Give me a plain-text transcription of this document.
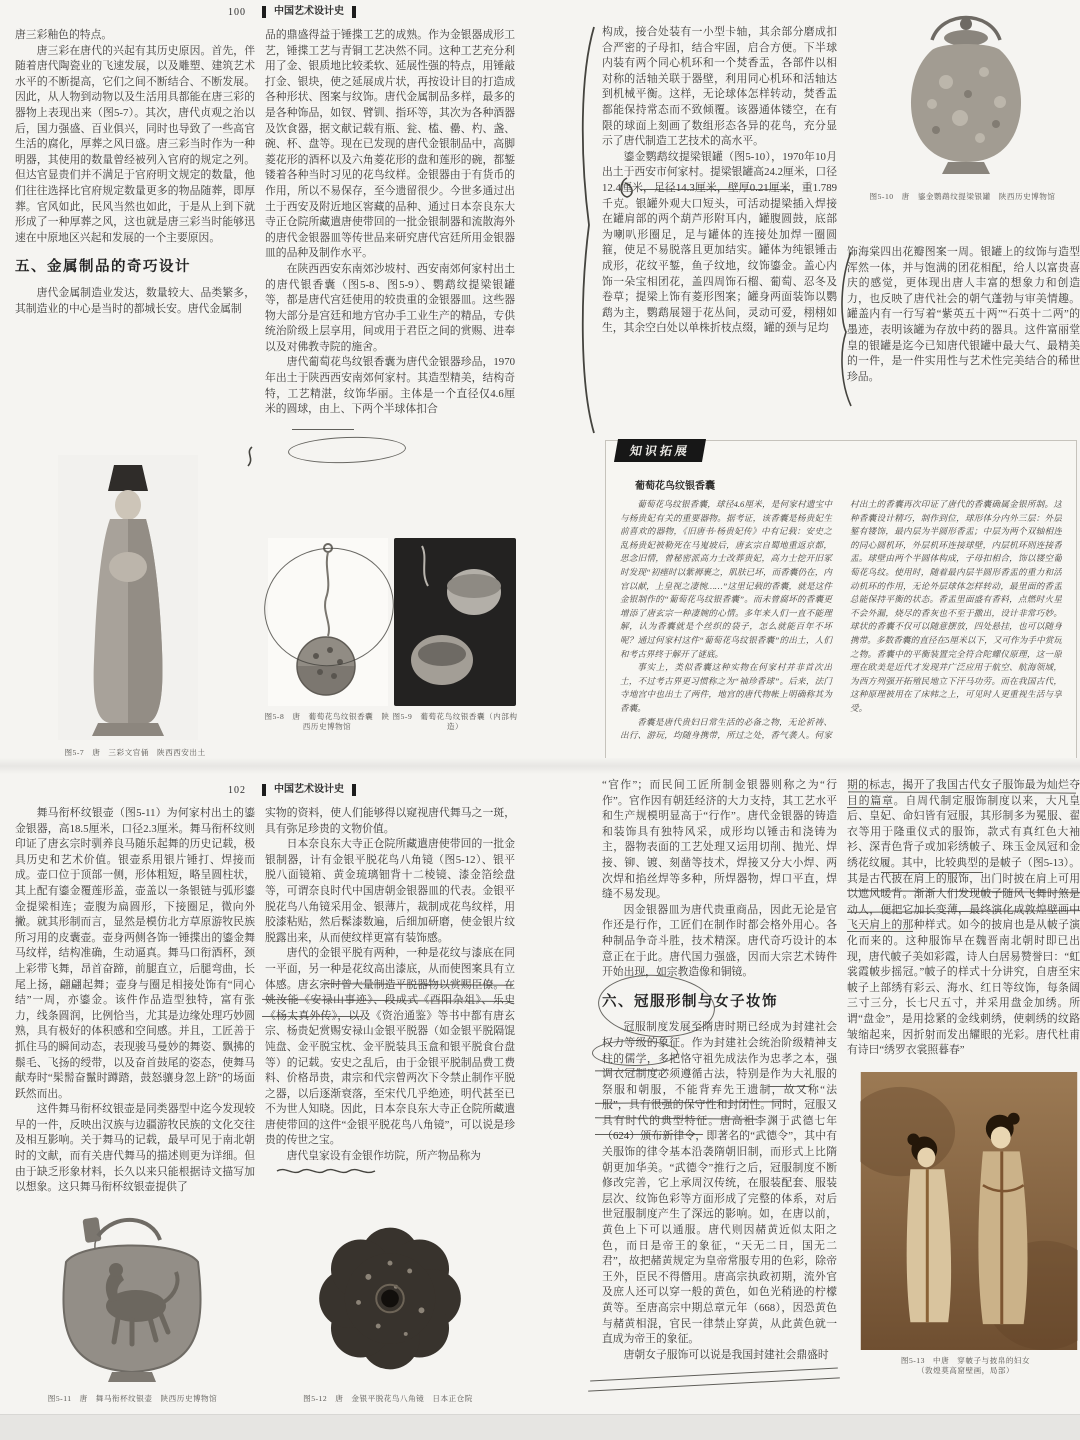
100	中国艺术设计史

唐三彩釉色的特点。

唐三彩在唐代的兴起有其历史原因。首先，伴随着唐代陶瓷业的飞速发展，以及雕塑、建筑艺术水平的不断提高，它们之间不断结合、不断发展。因此，从人物到动物以及生活用具都能在唐三彩的器物上表现出来（图5-7）。其次，唐代贞观之治以后，国力强盛、百业俱兴，同时也导致了一些高官生活的腐化，厚葬之风日盛。唐三彩当时作为一种明器，其使用的数量曾经被列入官府的规定之列。但达官显贵们并不满足于官府明文规定的数量，他们往往选择比官府规定数量更多的物品随葬，即厚葬。官风如此，民风当然也如此，于是从上到下就形成了一种厚葬之风，这也就是唐三彩当时能够迅速在中原地区兴起和发展的一个主要原因。

五、金属制品的奇巧设计

唐代金属制造业发达，数量较大、品类繁多，其制造业的中心是当时的都城长安。唐代金属制

图5-7　唐　三彩文官俑　陕西西安出土

品的鼎盛得益于锤揲工艺的成熟。作为金银器成形工艺，锤揲工艺与青铜工艺决然不同。这种工艺充分利用了金、银质地比较柔软、延展性强的特点，用锤敲打金、银块，使之延展成片状，再按设计目的打造成各种形状、图案与纹饰。唐代金属制品多样，最多的是各种饰品，如钗、臂钏、指环等，其次为各种酒器及饮食器，据文献记载有瓶、瓮、榼、罍、杓、盏、碗、杯、盘等。现在已发现的唐代金银制品中，高脚菱花形的酒杯以及六角菱花形的盘和莲形的碗，都錾镂着各种当时习见的花鸟纹样。金银器由于有货币的作用，所以不易保存，至今遗留很少。今世多通过出土于西安及附近地区窖藏的品种、通过日本奈良东大寺正仓院所藏遣唐使带回的一批金银制器和流散海外的唐代金银器皿等传世品来研究唐代宫廷所用金银器皿的品种及制作水平。

在陕西西安东南郊沙坡村、西安南郊何家村出土的唐代银香囊（图5-8、图5-9）、鹦鹉纹提梁银罐等，都是唐代宫廷使用的较贵重的金银器皿。这些器物大部分是宫廷和地方官办手工业生产的精品，专供统治阶级上层享用，间或用于君臣之间的赏赐、进奉以及对佛教寺院的施舍。

唐代葡萄花鸟纹银香囊为唐代金银器珍品，1970年出土于陕西西安南郊何家村。其造型精美，结构奇特，工艺精湛，纹饰华丽。主体是一个直径仅4.6厘米的圆球，由上、下两个半球体扣合

图5-8　唐　葡萄花鸟纹银香囊　陕西历史博物馆
图5-9　葡萄花鸟纹银香囊（内部构造）

构成，接合处装有一小型卡轴，其余部分磨成扣合严密的子母扣，结合牢固，启合方便。下半球内装有两个同心机环和一个焚香盂，各部件以相对称的活轴关联于器壁，利用同心机环和活轴达到机械平衡。这样，无论球体怎样转动，焚香盂都能保持常态而不致倾覆。该器通体镂空，在有限的球面上刻画了数组形态各异的花鸟，充分显示了唐代制造工艺技术的高水平。

鎏金鹦鹉纹提梁银罐（图5-10），1970年10月出土于西安市何家村。提梁银罐高24.2厘米，口径12.4厘米，足径14.3厘米，壁厚0.21厘米，重1.789千克。银罐外观大口短头，可活动提梁插入焊接在罐肩部的两个葫芦形附耳内，罐腹圆鼓，底部为喇叭形圈足，足与罐体的连接处加焊一圈圆箍，使足不易脱落且更加结实。罐体为纯银锤击成形，花纹平錾，鱼子纹地，纹饰鎏金。盖心内饰一朵宝相团花，盖四周饰石榴、葡萄、忍冬及卷草；提梁上饰有菱形图案；罐身两面装饰以鹦鹉为主，鹦鹉展翅于花丛间，灵动可爱，栩栩如生，其余空白处以单株折枝点缀，罐的颈与足均

图5-10　唐　鎏金鹦鹉纹提梁银罐　陕西历史博物馆

饰海棠四出花瓣图案一周。银罐上的纹饰与造型浑然一体，并与饱满的团花相配，给人以富贵喜庆的感觉，更体现出唐人丰富的想象力和创造力，也反映了唐代社会的朝气蓬勃与审美情趣。罐盖内有一行写着“紫英五十两”“石英十二两”的墨迹，表明该罐为存放中药的器具。这件富丽堂皇的银罐是迄今已知唐代银罐中最大气、最精美的一件，是一件实用性与艺术性完美结合的稀世珍品。

知识拓展
葡萄花鸟纹银香囊

葡萄花鸟纹银香囊，球径4.6厘米，是何家村遗宝中与杨贵妃有关的重要器物。据考证，该香囊是杨贵妃生前喜欢的器物，《旧唐书·杨贵妃传》中有记载：安史之乱杨贵妃被勒死在马嵬坡后，唐玄宗自蜀地重返京都，思念旧情，曾秘密派高力士改葬贵妃，高力士挖开旧冢时发现“初瘗时以紫褥裹之，肌肤已坏，而香囊仍在，内官以献，上皇视之凄惋……”这里记载的香囊，就是这件金银制作的“葡萄花鸟纹银香囊”。而未曾腐坏的香囊更增添了唐玄宗一种凄婉的心情。多年来人们一直不能理解，认为香囊就是个丝织的袋子，怎么就能百年不坏呢？通过何家村这件“葡萄花鸟纹银香囊”的出土，人们和考古界终于解开了谜底。

事实上，类似香囊这种实物在何家村并非首次出土，不过考古界更习惯称之为“袖珍香球”。后来，法门寺地宫中也出土了两件，地宫的唐代物帐上明确称其为香囊。

香囊是唐代贵妇日常生活的必备之物，无论祈祷、出行、游玩，均随身携带，所过之处，香气袭人。何家村出土的香囊再次印证了唐代的香囊确属金银所制。这种香囊设计精巧，制作到位，球形体分内外三层：外层錾有镂饰，最内层为半圆形香盂；中层为两个双轴相连的同心圆机环，外层机环连接球壁，内层机环则连接香盂。球壁由两个半圆体构成，子母扣相合，饰以镂空葡萄花鸟纹。使用时，随着最内层半圆形香盂的重力和活动机环的作用，无论外层球体怎样转动，最里面的香盂总能保持平衡的状态。香盂里面盛有香料，点燃时火星不会外漏，烧尽的香灰也不至于撒出，设计非常巧妙。球状的香囊不仅可以随意摆放，四处悬挂，也可以随身携带。多数香囊的直径在5厘米以下，又可作为手中赏玩之物。香囊中的平衡装置完全符合陀螺仪原理，这一原理在欧美是近代才发现并广泛应用于航空、航海领域，为西方列强开拓殖民地立下汗马功劳。而在我国古代，这种原理被用在了床帏之上，可见时人更重视生活与享受。

102	中国艺术设计史

舞马衔杯纹银壶（图5-11）为何家村出土的鎏金银器，高18.5厘米，口径2.3厘米。舞马衔杯纹则印证了唐玄宗时驯养良马随乐起舞的历史记载，极具历史和艺术价值。银壶系用银片锤打、焊接而成。壶口位于顶部一侧，形体粗短，略呈圆柱状，其上配有鎏金覆莲形盖，壶盖以一条银链与弧形鎏金提梁相连；壶腹为扁圆形，下接圈足，微向外撇。就其形制而言，显然是模仿北方草原游牧民族所习用的皮囊壶。壶身两侧各饰一锤揲出的鎏金舞马纹样，结构准确，生动逼真。舞马口衔酒杯，颈上彩带飞舞，昂首奋蹄，前腿直立，后腿弯曲，长尾上扬，翩翩起舞；壶身与圈足相接处饰有“同心结”一周，亦鎏金。该件作品造型独特，富有张力，线条圆润，比例恰当，尤其是边缘处理巧妙圆熟，具有极好的体积感和空间感。并且，工匠善于抓住马的瞬间动态，表现骏马曼妙的舞姿、飘拂的鬃毛、飞扬的绶带，以及奋首鼓尾的姿态，使舞马献寿时“髤髵奋鬣时蹲踏，鼓怒骧身忽上跻”的场面跃然而出。

这件舞马衔杯纹银壶是同类器型中迄今发现较早的一件，反映出汉族与边疆游牧民族的文化交往及相互影响。关于舞马的记载，最早可见于南北朝时的文献，而有关唐代舞马的描述则更为详细。但由于缺乏形象材料，长久以来只能根据诗文描写加以想象。这只舞马衔杯纹银壶提供了

图5-11　唐　舞马衔杯纹银壶　陕西历史博物馆

实物的资料，使人们能够得以窥视唐代舞马之一斑，具有弥足珍贵的文物价值。

日本奈良东大寺正仓院所藏遣唐使带回的一批金银制器，计有金银平脱花鸟八角镜（图5-12）、银平脱八面镜箱、黄金琉璃钿背十二棱镜、漆金箔绘盘等，可谓奈良时代中国唐朝金银器皿的代表。金银平脱花鸟八角镜采用金、银薄片，裁制成花鸟纹样，用胶漆粘贴，然后髹漆数遍，后细加研磨，使金银片纹脱露出来，从而使纹样更富有装饰感。

唐代的金银平脱有两种，一种是花纹与漆底在同一平面，另一种是花纹高出漆底，从而使图案具有立体感。唐玄宗时曾大量制造平脱器物以赏赐臣僚。在姚汝能《安禄山事迹》、段成式《酉阳杂俎》、乐史《杨太真外传》，以及《资治通鉴》等书中都有唐玄宗、杨贵妃赏赐安禄山金银平脱器（如金银平脱隔馄饨盘、金平脱宝枕、金平脱装具玉盒和银平脱食台盘等）的记载。安史之乱后，由于金银平脱制品费工费料、价格昂贵，肃宗和代宗曾两次下令禁止制作平脱之器，以后逐渐衰落，至宋代几乎绝迹，明代甚至已不为世人知晓。因此，日本奈良东大寺正仓院所藏遣唐使带回的这件“金银平脱花鸟八角镜”，可以说是珍贵的传世之宝。

唐代皇家设有金银作坊院，所产物品称为

图5-12　唐　金银平脱花鸟八角镜　日本正仓院

“官作”；而民间工匠所制金银器则称之为“行作”。官作因有朝廷经济的大力支持，其工艺水平和生产规模明显高于“行作”。唐代金银器的铸造和装饰具有独特风采，成形均以锤击和浇铸为主，器物表面的工艺处理又运用切削、抛光、焊接、铆、镀、刻凿等技术，焊接又分大小焊、两次焊和掐丝焊等多种，所焊器物，焊口平直，焊缝不易发现。

因金银器皿为唐代贵重商品，因此无论是官作还是行作，工匠们在制作时都会格外用心。各种制品争奇斗胜，技术精深。唐代奇巧设计的本意正在于此。唐代国力强盛，因而大宗艺术铸件开始出现，如宗教造像和铜镜。

六、冠服形制与女子妆饰

冠服制度发展至隋唐时期已经成为封建社会权力等级的象征。作为封建社会统治阶级精神支柱的儒学，多把恪守祖先成法作为忠孝之本，强调衣冠制度必须遵循古法，特别是作为大礼服的祭服和朝服，不能背弃先王遗制，故又称“法服”，具有很强的保守性和封闭性。同时，冠服又具有时代的典型特征。唐高祖李渊于武德七年（624）颁布新律令，即著名的“武德令”，其中有关服饰的律令基本沿袭隋朝旧制，而形式上比隋朝更加华美。“武德令”推行之后，冠服制度不断修改完善，它上承周汉传统，在服装配套、服装层次、纹饰色彩等方面形成了完整的体系，对后世冠服制度产生了深远的影响。如，在唐以前，黄色上下可以通服。唐代则因赭黄近似太阳之色，而日是帝王的象征，“天无二日，国无二君”，故把赭黄规定为皇帝常服专用的色彩，除帝王外，臣民不得僭用。唐高宗执政初期，流外官及庶人还可以穿一般的黄色，如色光稍逊的柠檬黄等。至唐高宗中期总章元年（668），因恐黄色与赭黄相混，官民一律禁止穿黄，从此黄色就一直成为帝王的象征。

唐朝女子服饰可以说是我国封建社会鼎盛时

期的标志，揭开了我国古代女子服饰最为灿烂夺目的篇章。自周代制定服饰制度以来，大凡皇后、皇妃、命妇皆有冠服，其形制多为冕服、翟衣等用于隆重仪式的服饰，款式有真红色大袖衫、深青色背子或加彩绣帔子、珠玉金凤冠和金绣花纹履。其中，比较典型的是帔子（图5-13）。其是古代披在肩上的服饰，出门时披在肩上可用以遮风暖背。渐渐人们发现帔子随风飞舞时煞是动人，便把它加长变薄，最终演化成敦煌壁画中飞天肩上的那种样式。如今的披肩也是从帔子演化而来的。这种服饰早在魏晋南北朝时即已出现，唐代帔子美如彩霞，诗人白居易赞誉曰：“虹裳霞帔步摇冠。”帔子的样式十分讲究，自唐至宋帔子上部绣有彩云、海水、红日等纹饰，每条阔三寸三分，长七尺五寸，并采用盘金加绣。所谓“盘金”，是用捻紧的金线刺绣，使刺绣的纹路皱缩起来，因折射而发出耀眼的光彩。唐代杜甫有诗曰“绣罗衣裳照暮春”

图5-13　中唐　穿帔子与披帛的妇女
（敦煌莫高窟壁画，局部）
